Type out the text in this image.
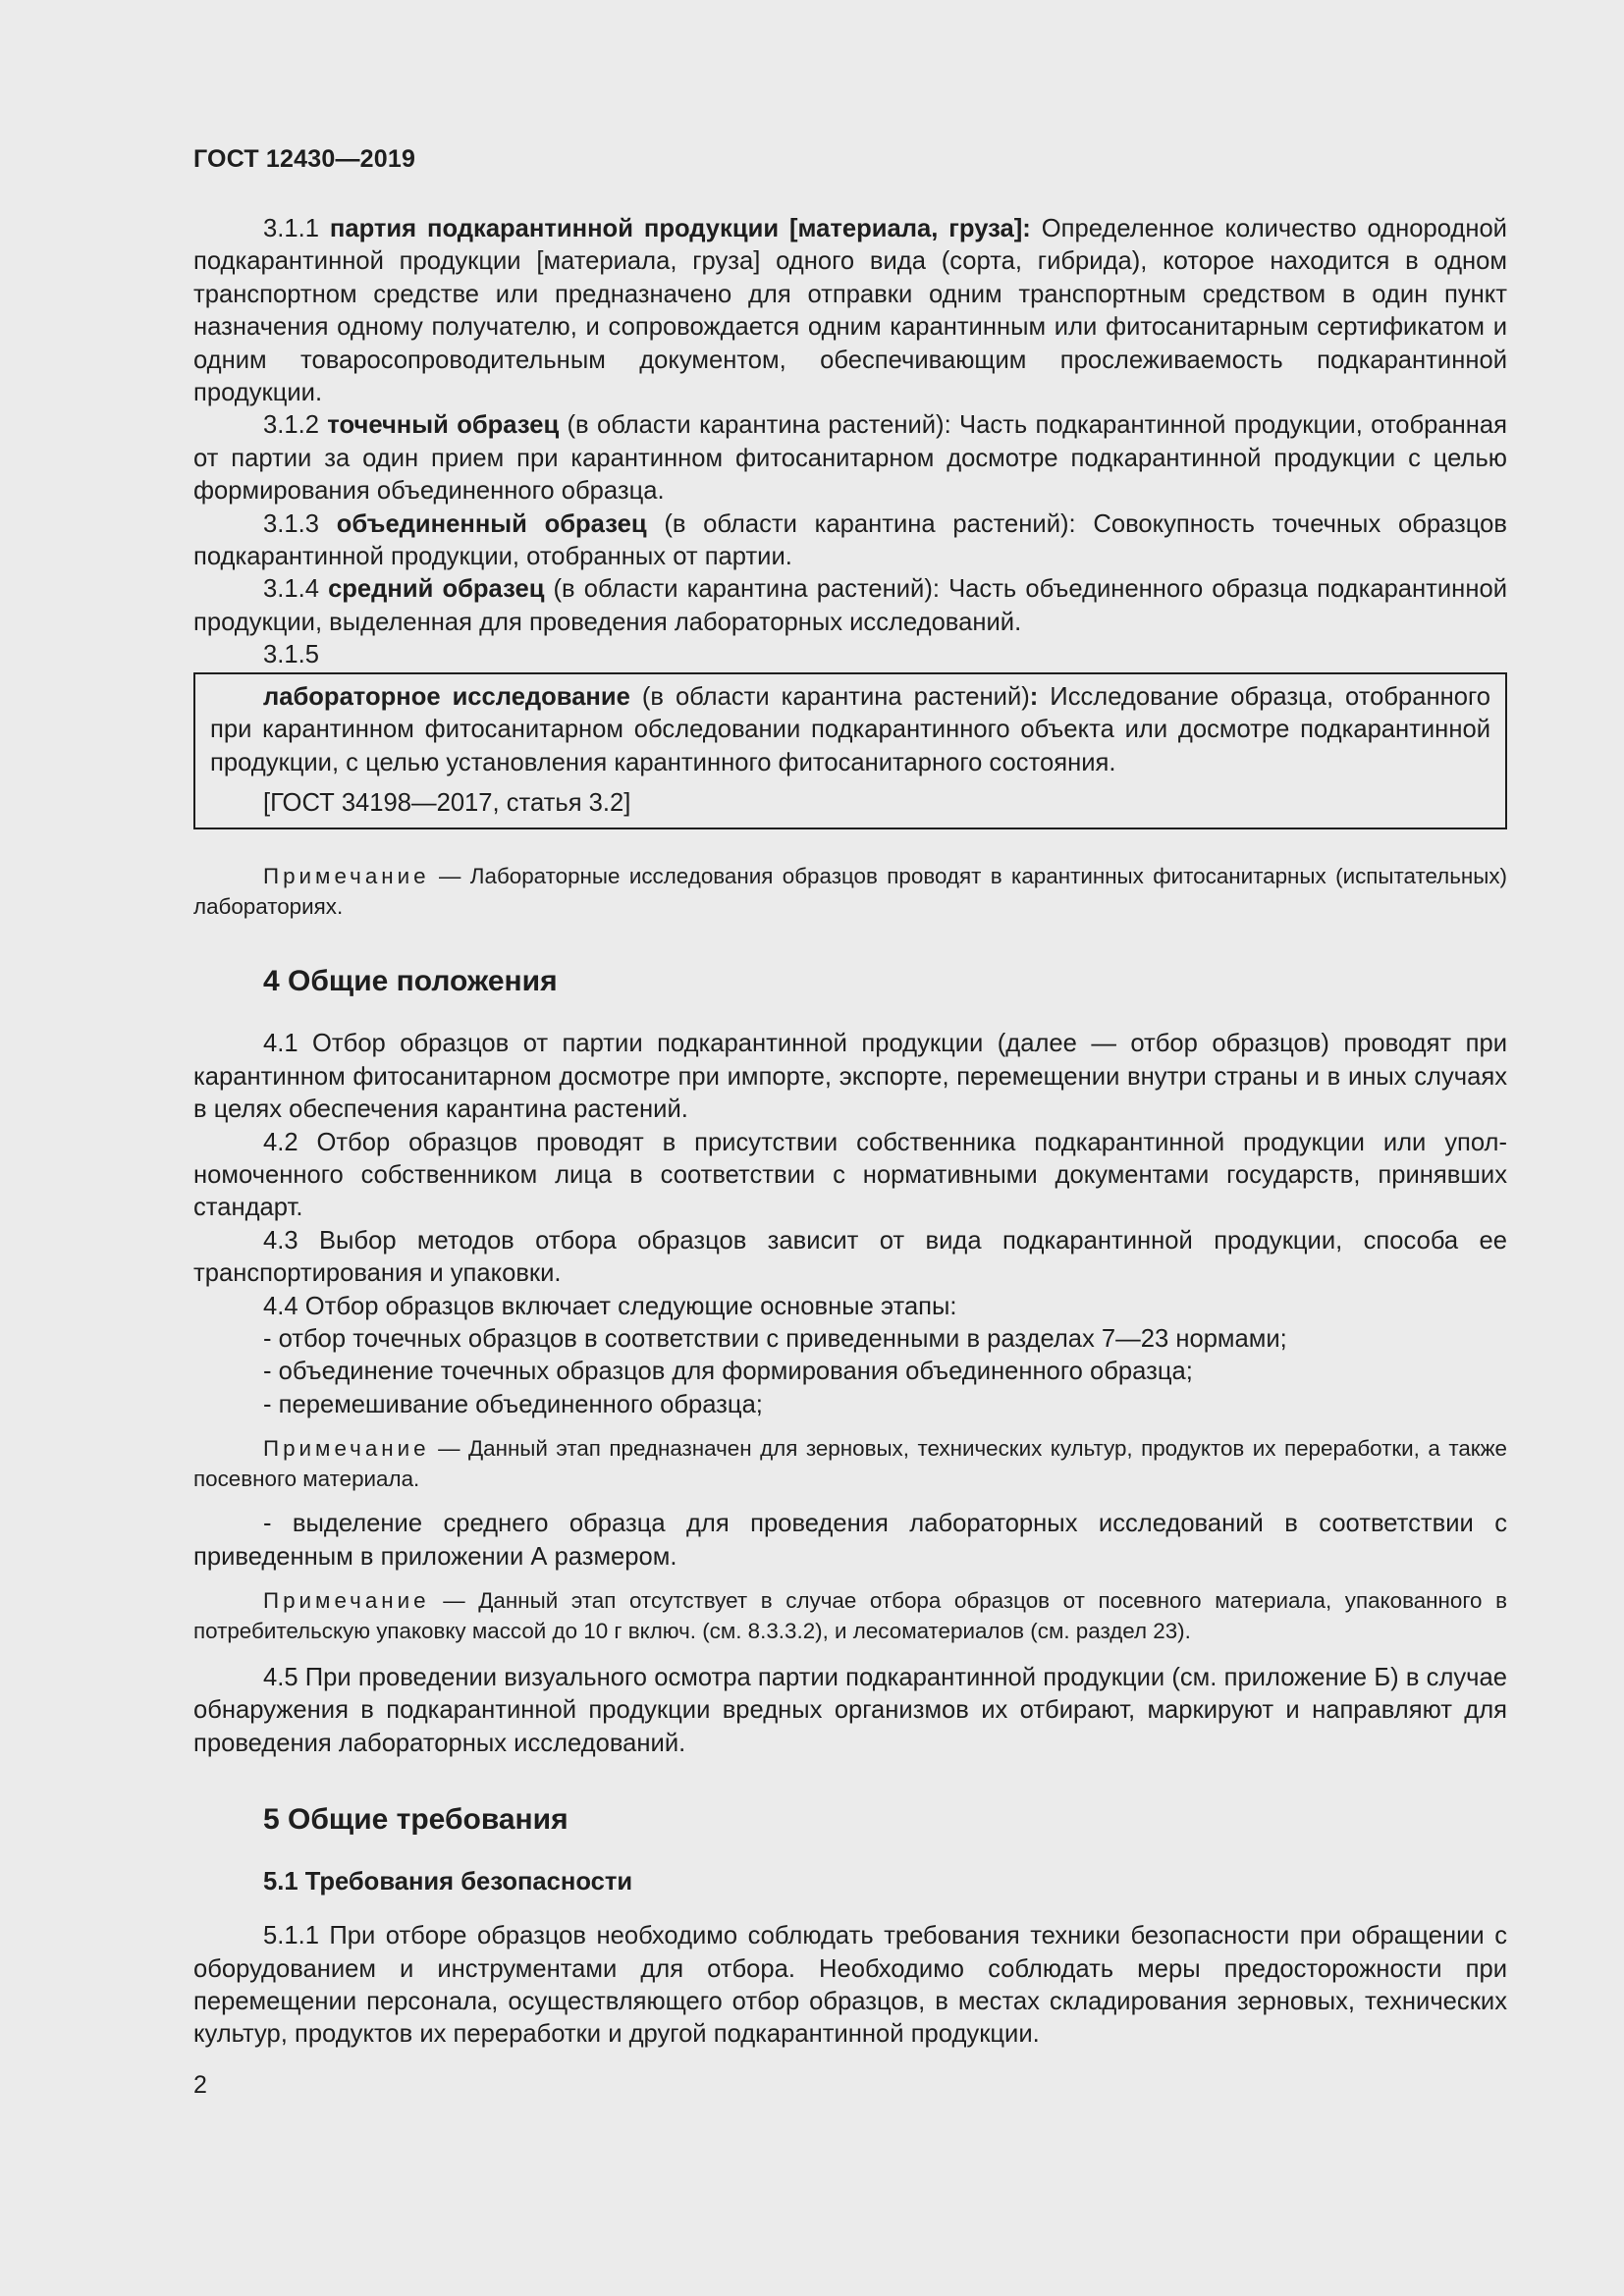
ГОСТ 12430—2019

3.1.1 партия подкарантинной продукции [материала, груза]: Определенное количество однородной подкарантинной продукции [материала, груза] одного вида (сорта, гибрида), которое находится в одном транспортном средстве или предназначено для отправки одним транспортным средством в один пункт назначения одному получателю, и сопровождается одним карантинным или фитосанитарным сертификатом и одним товаросопроводительным документом, обеспечивающим прослеживаемость подкарантинной продукции.

3.1.2 точечный образец (в области карантина растений): Часть подкарантинной продукции, отобранная от партии за один прием при карантинном фитосанитарном досмотре подкарантинной продукции с целью формирования объединенного образца.

3.1.3 объединенный образец (в области карантина растений): Совокупность точечных образцов подкарантинной продукции, отобранных от партии.

3.1.4 средний образец (в области карантина растений): Часть объединенного образца подкарантинной продукции, выделенная для проведения лабораторных исследований.

3.1.5

лабораторное исследование (в области карантина растений): Исследование образца, отобранного при карантинном фитосанитарном обследовании подкарантинного объекта или досмотре подкарантинной продукции, с целью установления карантинного фитосанитарного состояния.

[ГОСТ 34198—2017, статья 3.2]

Примечание — Лабораторные исследования образцов проводят в карантинных фитосанитарных (испытательных) лабораториях.

4 Общие положения

4.1 Отбор образцов от партии подкарантинной продукции (далее — отбор образцов) проводят при карантинном фитосанитарном досмотре при импорте, экспорте, перемещении внутри страны и в иных случаях в целях обеспечения карантина растений.

4.2 Отбор образцов проводят в присутствии собственника подкарантинной продукции или уполномоченного собственником лица в соответствии с нормативными документами государств, принявших стандарт.

4.3 Выбор методов отбора образцов зависит от вида подкарантинной продукции, способа ее транспортирования и упаковки.

4.4 Отбор образцов включает следующие основные этапы:

- отбор точечных образцов в соответствии с приведенными в разделах 7—23 нормами;
- объединение точечных образцов для формирования объединенного образца;
- перемешивание объединенного образца;

Примечание — Данный этап предназначен для зерновых, технических культур, продуктов их переработки, а также посевного материала.

- выделение среднего образца для проведения лабораторных исследований в соответствии с приведенным в приложении А размером.

Примечание — Данный этап отсутствует в случае отбора образцов от посевного материала, упакованного в потребительскую упаковку массой до 10 г включ. (см. 8.3.3.2), и лесоматериалов (см. раздел 23).

4.5 При проведении визуального осмотра партии подкарантинной продукции (см. приложение Б) в случае обнаружения в подкарантинной продукции вредных организмов их отбирают, маркируют и направляют для проведения лабораторных исследований.

5 Общие требования
5.1 Требования безопасности

5.1.1 При отборе образцов необходимо соблюдать требования техники безопасности при обращении с оборудованием и инструментами для отбора. Необходимо соблюдать меры предосторожности при перемещении персонала, осуществляющего отбор образцов, в местах складирования зерновых, технических культур, продуктов их переработки и другой подкарантинной продукции.

2
